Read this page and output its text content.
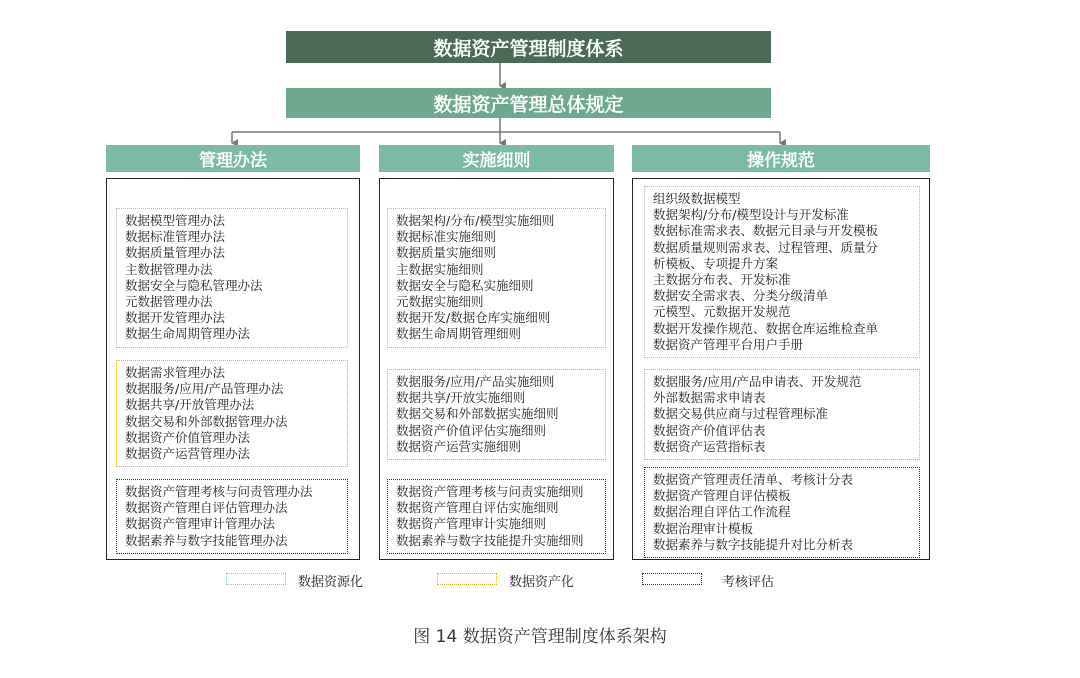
数据资产管理制度体系
数据资产管理总体规定
管理办法
数据模型管理办法
数据标准管理办法
数据质量管理办法
主数据管理办法
数据安全与隐私管理办法
元数据管理办法
数据开发管理办法
数据生命周期管理办法
数据需求管理办法
数据服务/应用/产品管理办法
数据共享/开放管理办法
数据交易和外部数据管理办法
数据资产价值管理办法
数据资产运营管理办法
数据资产管理考核与问责管理办法
数据资产管理自评估管理办法
数据资产管理审计管理办法
数据素养与数字技能管理办法
实施细则
数据架构/分布/模型实施细则
数据标准实施细则
数据质量实施细则
主数据实施细则
数据安全与隐私实施细则
元数据实施细则
数据开发/数据仓库实施细则
数据生命周期管理细则
数据服务/应用/产品实施细则
数据共享/开放实施细则
数据交易和外部数据实施细则
数据资产价值评估实施细则
数据资产运营实施细则
数据资产管理考核与问责实施细则
数据资产管理自评估实施细则
数据资产管理审计实施细则
数据素养与数字技能提升实施细则
操作规范
组织级数据模型
数据架构/分布/模型设计与开发标准
数据标准需求表、数据元目录与开发模板
数据质量规则需求表、过程管理、质量分
析模板、专项提升方案
主数据分布表、开发标准
数据安全需求表、分类分级清单
元模型、元数据开发规范
数据开发操作规范、数据仓库运维检查单
数据资产管理平台用户手册
数据服务/应用/产品申请表、开发规范
外部数据需求申请表
数据交易供应商与过程管理标准
数据资产价值评估表
数据资产运营指标表
数据资产管理责任清单、考核计分表
数据资产管理自评估模板
数据治理自评估工作流程
数据治理审计模板
数据素养与数字技能提升对比分析表
数据资源化	数据资产化	考核评估
图 14 数据资产管理制度体系架构
